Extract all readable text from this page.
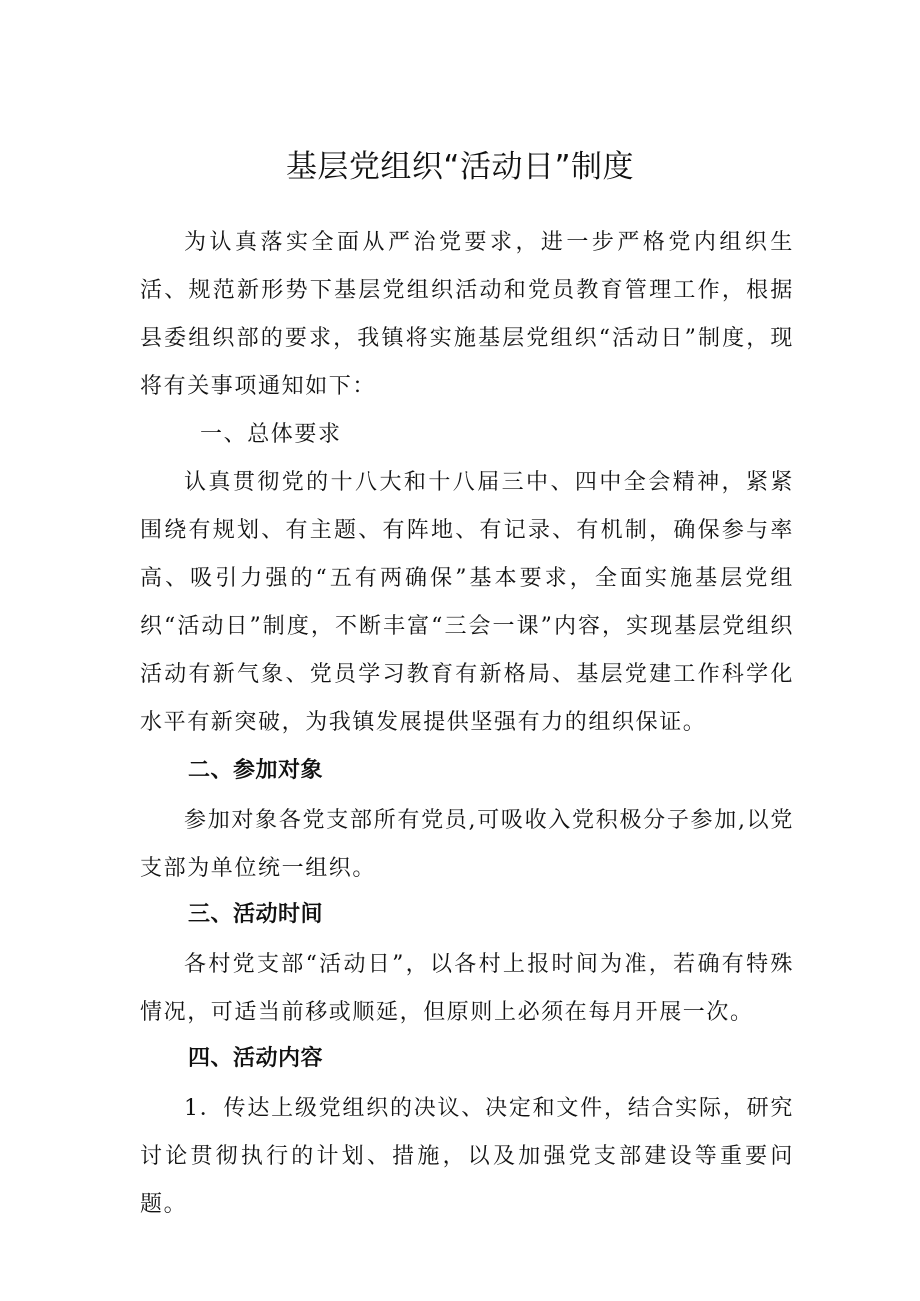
基层党组织“活动日”制度

为认真落实全面从严治党要求，进一步严格党内组织生活、规范新形势下基层党组织活动和党员教育管理工作，根据县委组织部的要求，我镇将实施基层党组织“活动日”制度，现将有关事项通知如下：

一、总体要求

认真贯彻党的十八大和十八届三中、四中全会精神，紧紧围绕有规划、有主题、有阵地、有记录、有机制，确保参与率高、吸引力强的“五有两确保”基本要求，全面实施基层党组织“活动日”制度，不断丰富“三会一课”内容，实现基层党组织活动有新气象、党员学习教育有新格局、基层党建工作科学化水平有新突破，为我镇发展提供坚强有力的组织保证。

二、参加对象

参加对象各党支部所有党员,可吸收入党积极分子参加,以党支部为单位统一组织。

三、活动时间

各村党支部“活动日”，以各村上报时间为准，若确有特殊情况，可适当前移或顺延，但原则上必须在每月开展一次。

四、活动内容

1．传达上级党组织的决议、决定和文件，结合实际，研究讨论贯彻执行的计划、措施，以及加强党支部建设等重要问题。
